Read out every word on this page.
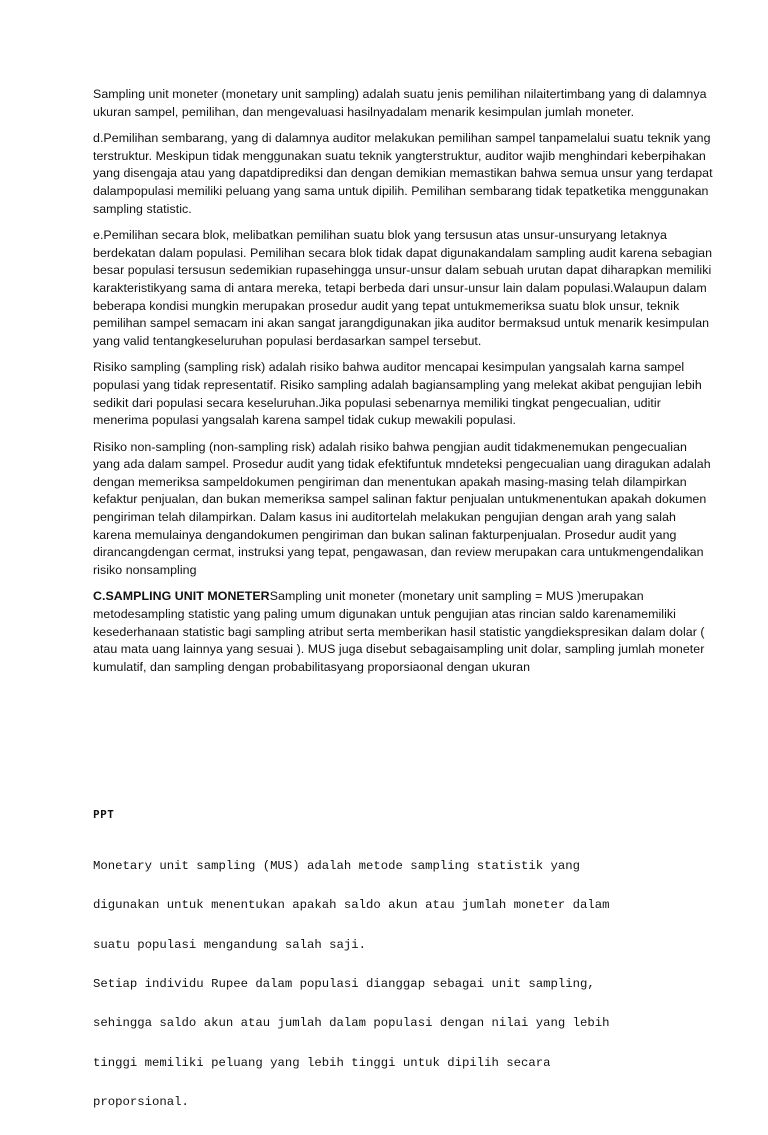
Sampling unit moneter (monetary unit sampling) adalah suatu jenis pemilihan nilaitertimbang yang di dalamnya ukuran sampel, pemilihan, dan mengevaluasi hasilnyadalam menarik kesimpulan jumlah moneter.

d.Pemilihan sembarang, yang di dalamnya auditor melakukan pemilihan sampel tanpamelalui suatu teknik yang terstruktur. Meskipun tidak menggunakan suatu teknik yangterstruktur, auditor wajib menghindari keberpihakan yang disengaja atau yang dapatdiprediksi dan dengan demikian memastikan bahwa semua unsur yang terdapat dalampopulasi memiliki peluang yang sama untuk dipilih. Pemilihan sembarang tidak tepatketika menggunakan sampling statistic.

e.Pemilihan secara blok, melibatkan pemilihan suatu blok yang tersusun atas unsur-unsuryang letaknya berdekatan dalam populasi. Pemilihan secara blok tidak dapat digunakandalam sampling audit karena sebagian besar populasi tersusun sedemikian rupasehingga unsur-unsur dalam sebuah urutan dapat diharapkan memiliki karakteristikyang sama di antara mereka, tetapi berbeda dari unsur-unsur lain dalam populasi.Walaupun dalam beberapa kondisi mungkin merupakan prosedur audit yang tepat untukmemeriksa suatu blok unsur, teknik pemilihan sampel semacam ini akan sangat jarangdigunakan jika auditor bermaksud untuk menarik kesimpulan yang valid tentangkeseluruhan populasi berdasarkan sampel tersebut.

Risiko sampling (sampling risk) adalah risiko bahwa auditor mencapai kesimpulan yangsalah karna sampel populasi yang tidak representatif. Risiko sampling adalah bagiansampling yang melekat akibat pengujian lebih sedikit dari populasi secara keseluruhan.Jika populasi sebenarnya memiliki tingkat pengecualian, uditir menerima populasi yangsalah karena sampel tidak cukup mewakili populasi.

Risiko non-sampling (non-sampling risk) adalah risiko bahwa pengjian audit tidakmenemukan pengecualian yang ada dalam sampel. Prosedur audit yang tidak efektifuntuk mndeteksi pengecualian uang diragukan adalah dengan memeriksa sampeldokumen pengiriman dan menentukan apakah masing-masing telah dilampirkan kefaktur penjualan, dan bukan memeriksa sampel salinan faktur penjualan untukmenentukan apakah dokumen pengiriman telah dilampirkan. Dalam kasus ini auditortelah melakukan pengujian dengan arah yang salah karena memulainya dengandokumen pengiriman dan bukan salinan fakturpenjualan. Prosedur audit yang dirancangdengan cermat, instruksi yang tepat, pengawasan, dan review merupakan cara untukmengendalikan risiko nonsampling

C.SAMPLING UNIT MONETERSampling unit moneter (monetary unit sampling = MUS )merupakan metodesampling statistic yang paling umum digunakan untuk pengujian atas rincian saldo karenamemiliki kesederhanaan statistic bagi sampling atribut serta memberikan hasil statistic yangdiekspresikan dalam dolar ( atau mata uang lainnya yang sesuai ). MUS juga disebut sebagaisampling unit dolar, sampling jumlah moneter kumulatif, dan sampling dengan probabilitasyang proporsiaonal dengan ukuran

PPT

Monetary unit sampling (MUS) adalah metode sampling statistik yang

digunakan untuk menentukan apakah saldo akun atau jumlah moneter dalam

suatu populasi mengandung salah saji.

Setiap individu Rupee dalam populasi dianggap sebagai unit sampling,

sehingga saldo akun atau jumlah dalam populasi dengan nilai yang lebih

tinggi memiliki peluang yang lebih tinggi untuk dipilih secara

proporsional.
